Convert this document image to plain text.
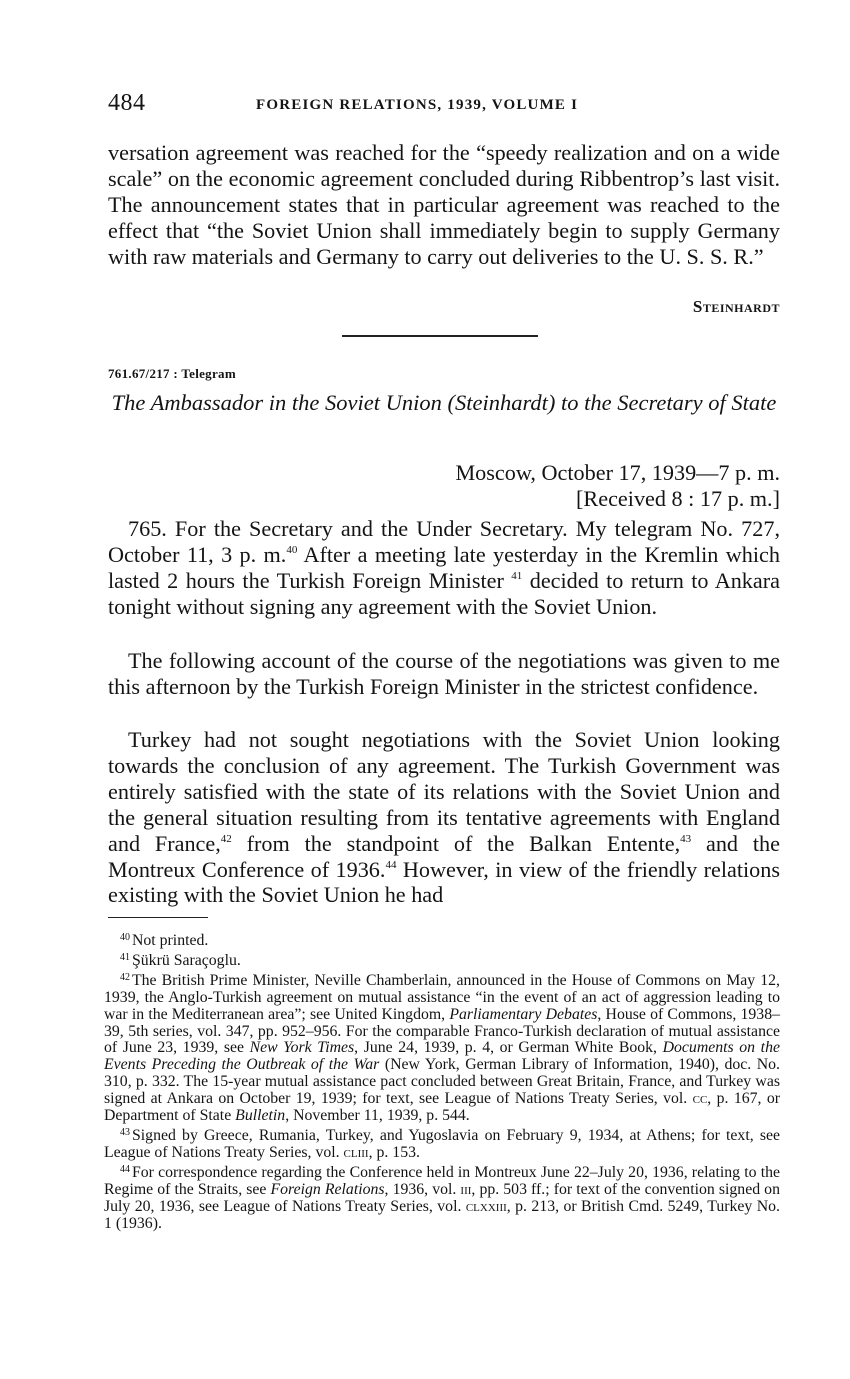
484	FOREIGN RELATIONS, 1939, VOLUME I

versation agreement was reached for the “speedy realization and on a wide scale” on the economic agreement concluded during Ribbentrop’s last visit. The announcement states that in particular agreement was reached to the effect that “the Soviet Union shall immediately begin to supply Germany with raw materials and Germany to carry out deliveries to the U. S. S. R.”

Steinhardt
761.67/217 : Telegram

The Ambassador in the Soviet Union (Steinhardt) to the Secretary of State

Moscow, October 17, 1939—7 p. m.
[Received 8 : 17 p. m.]

765. For the Secretary and the Under Secretary. My telegram No. 727, October 11, 3 p. m.$^{40}$ After a meeting late yesterday in the Kremlin which lasted 2 hours the Turkish Foreign Minister $^{41}$ decided to return to Ankara tonight without signing any agreement with the Soviet Union.

The following account of the course of the negotiations was given to me this afternoon by the Turkish Foreign Minister in the strictest confidence.

Turkey had not sought negotiations with the Soviet Union looking towards the conclusion of any agreement. The Turkish Government was entirely satisfied with the state of its relations with the Soviet Union and the general situation resulting from its tentative agreements with England and France,$^{42}$ from the standpoint of the Balkan Entente,$^{43}$ and the Montreux Conference of 1936.44 However, in view of the friendly relations existing with the Soviet Union he had

$^{40}$ Not printed.

$^{41}$ Şükrü Saraçoglu.

$^{42}$ The British Prime Minister, Neville Chamberlain, announced in the House of Commons on May 12, 1939, the Anglo-Turkish agreement on mutual assistance “in the event of an act of aggression leading to war in the Mediterranean area”; see United Kingdom, Parliamentary Debates, House of Commons, 1938–39, 5th series, vol. 347, pp. 952–956. For the comparable Franco-Turkish declaration of mutual assistance of June 23, 1939, see New York Times, June 24, 1939, p. 4, or German White Book, Documents on the Events Preceding the Outbreak of the War (New York, German Library of Information, 1940), doc. No. 310, p. 332. The 15-year mutual assistance pact concluded between Great Britain, France, and Turkey was signed at Ankara on October 19, 1939; for text, see League of Nations Treaty Series, vol. cc, p. 167, or Department of State Bulletin, November 11, 1939, p. 544.

$^{43}$ Signed by Greece, Rumania, Turkey, and Yugoslavia on February 9, 1934, at Athens; for text, see League of Nations Treaty Series, vol. clııı, p. 153.

$^{44}$ For correspondence regarding the Conference held in Montreux June 22–July 20, 1936, relating to the Regime of the Straits, see Foreign Relations, 1936, vol. ııı, pp. 503 ff.; for text of the convention signed on July 20, 1936, see League of Nations Treaty Series, vol. clxxııı, p. 213, or British Cmd. 5249, Turkey No. 1 (1936).
